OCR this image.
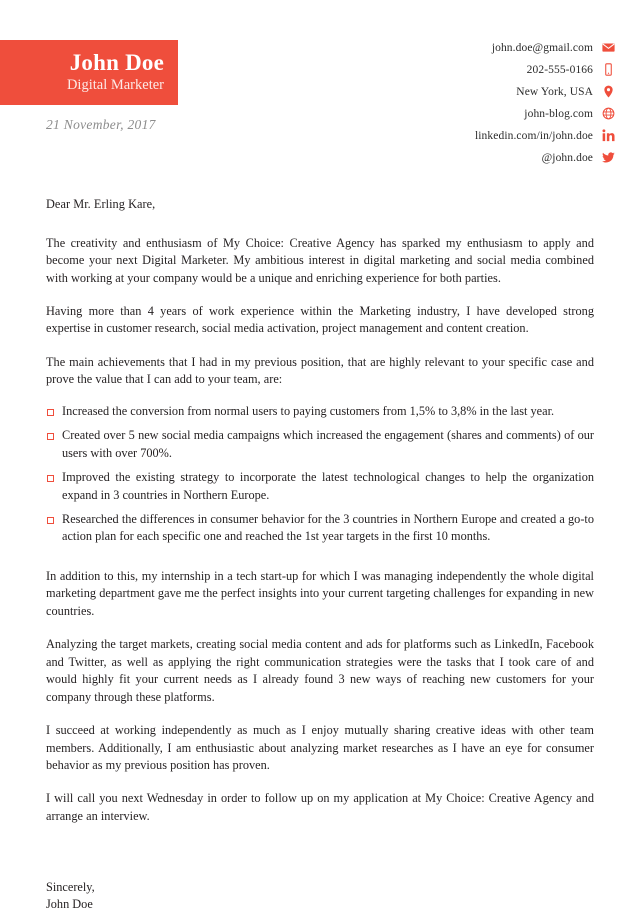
John Doe
Digital Marketer
21 November, 2017
john.doe@gmail.com
202-555-0166
New York, USA
john-blog.com
linkedin.com/in/john.doe
@john.doe
Dear Mr. Erling Kare,

The creativity and enthusiasm of My Choice: Creative Agency has sparked my enthusiasm to apply and become your next Digital Marketer. My ambitious interest in digital marketing and social media combined with working at your company would be a unique and enriching experience for both parties.

Having more than 4 years of work experience within the Marketing industry, I have developed strong expertise in customer research, social media activation, project management and content creation.

The main achievements that I had in my previous position, that are highly relevant to your specific case and prove the value that I can add to your team, are:

Increased the conversion from normal users to paying customers from 1,5% to 3,8% in the last year.
Created over 5 new social media campaigns which increased the engagement (shares and comments) of our users with over 700%.
Improved the existing strategy to incorporate the latest technological changes to help the organization expand in 3 countries in Northern Europe.
Researched the differences in consumer behavior for the 3 countries in Northern Europe and created a go-to action plan for each specific one and reached the 1st year targets in the first 10 months.

In addition to this, my internship in a tech start-up for which I was managing independently the whole digital marketing department gave me the perfect insights into your current targeting challenges for expanding in new countries.

Analyzing the target markets, creating social media content and ads for platforms such as LinkedIn, Facebook and Twitter, as well as applying the right communication strategies were the tasks that I took care of and would highly fit your current needs as I already found 3 new ways of reaching new customers for your company through these platforms.

I succeed at working independently as much as I enjoy mutually sharing creative ideas with other team members. Additionally, I am enthusiastic about analyzing market researches as I have an eye for consumer behavior as my previous position has proven.

I will call you next Wednesday in order to follow up on my application at My Choice: Creative Agency and arrange an interview.

Sincerely,
John Doe
